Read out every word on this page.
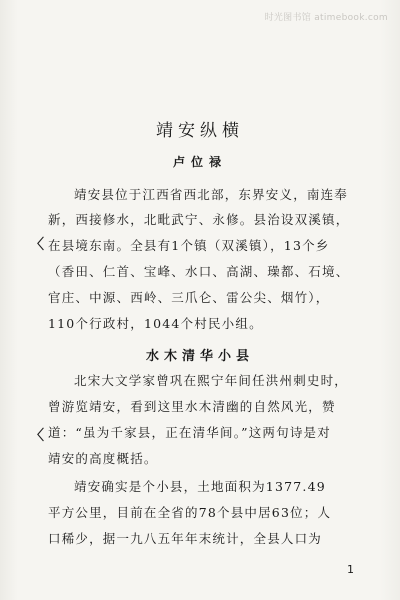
时光图书馆 atimebook.com
靖安纵横
卢位禄
靖安县位于江西省西北部，东界安义，南连奉
新，西接修水，北毗武宁、永修。县治设双溪镇，
在县境东南。全县有1个镇（双溪镇），13个乡
（香田、仁首、宝峰、水口、高湖、璪都、石境、
官庄、中源、西岭、三爪仑、雷公尖、烟竹），
110个行政村，1044个村民小组。
〈
水木清华小县
北宋大文学家曾巩在熙宁年间任洪州刺史时，
曾游览靖安，看到这里水木清幽的自然风光，赞
道：“虽为千家县，正在清华间。”这两句诗是对
靖安的高度概括。
〈
靖安确实是个小县，土地面积为1377.49
平方公里，目前在全省的78个县中居63位；人
口稀少，据一九八五年年末统计，全县人口为
1
